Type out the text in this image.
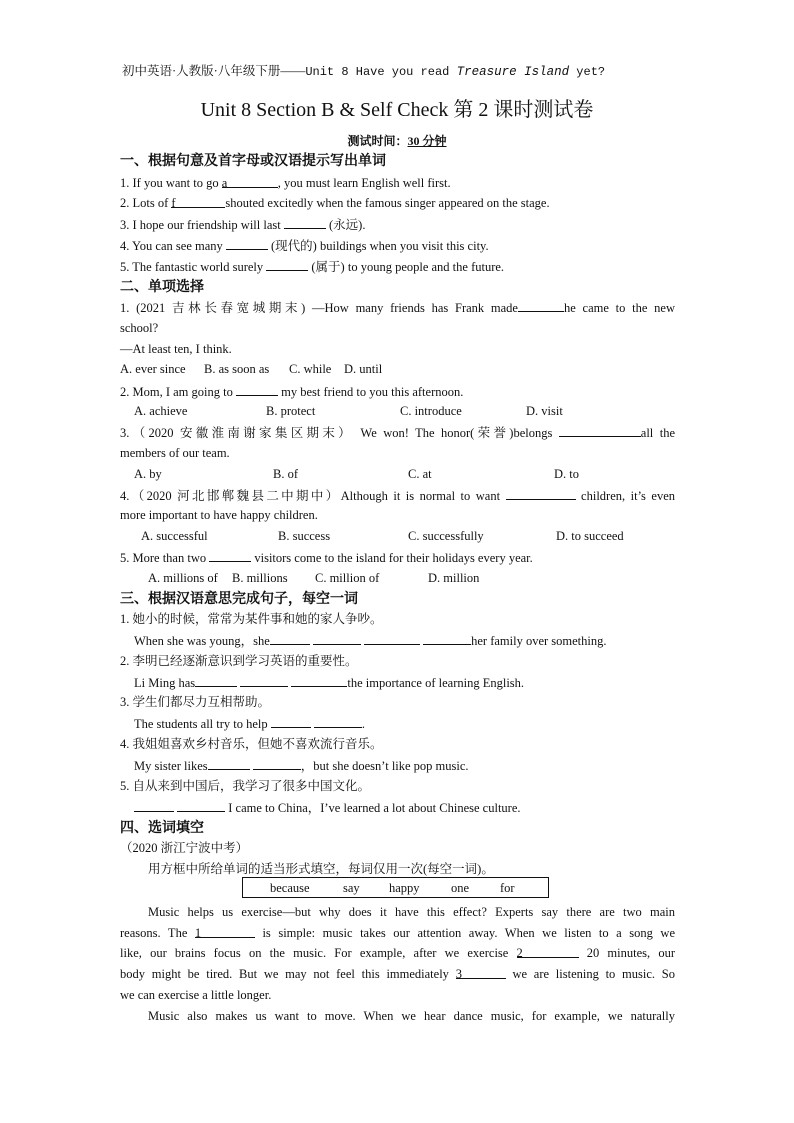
初中英语·人教版·八年级下册——Unit 8 Have you read Treasure Island yet?
Unit 8 Section B & Self Check 第 2 课时测试卷
测试时间：30 分钟
一、根据句意及首字母或汉语提示写出单词
1. If you want to go a	, you must learn English well first.
2. Lots of f	shouted excitedly when the famous singer appeared on the stage.
3. I hope our friendship will last	(永远).
4. You can see many	(现代的) buildings when you visit this city.
5. The fantastic world surely	(属于) to young people and the future.
二、单项选择
1. (2021 吉林长春宽城期末) —How many friends has Frank made	he came to the new
school?
—At least ten, I think.
A. ever since B. as soon as C. while D. until
2. Mom, I am going to	my best friend to you this afternoon.
A. achieve	B. protect	C. introduce	D. visit
3.（2020 安徽淮南谢家集区期末） We won! The honor(荣誉)belongs	all the
members of our team.
A. by	B. of	C. at	D. to
4.（2020 河北邯郸魏县二中期中）Although it is normal to want	children, it’s even
more important to have happy children.
A. successful	B. success	C. successfully	D. to succeed
5. More than two	visitors come to the island for their holidays every year.
A. millions of B. millions C. million of	D. million
三、根据汉语意思完成句子，每空一词
1. 她小的时候，常常为某件事和她的家人争吵。
When she was young，she	her family over something.
2. 李明已经逐渐意识到学习英语的重要性。
Li Ming has	the importance of learning English.
3. 学生们都尽力互相帮助。
The students all try to help	.
4. 我姐姐喜欢乡村音乐，但她不喜欢流行音乐。
My sister likes	，but she doesn’t like pop music.
5. 自从来到中国后，我学习了很多中国文化。
I came to China，I’ve learned a lot about Chinese culture.
四、选词填空
（2020 浙江宁波中考）
用方框中所给单词的适当形式填空，每词仅用一次(每空一词)。
because	say happy	one for
Music helps us exercise—but why does it have this effect? Experts say there are two main
reasons. The 1	is simple: music takes our attention away. When we listen to a song we
like, our brains focus on the music. For example, after we exercise 2	20 minutes, our
body might be tired. But we may not feel this immediately 3	we are listening to music. So
we can exercise a little longer.
Music also makes us want to move. When we hear dance music, for example, we naturally
